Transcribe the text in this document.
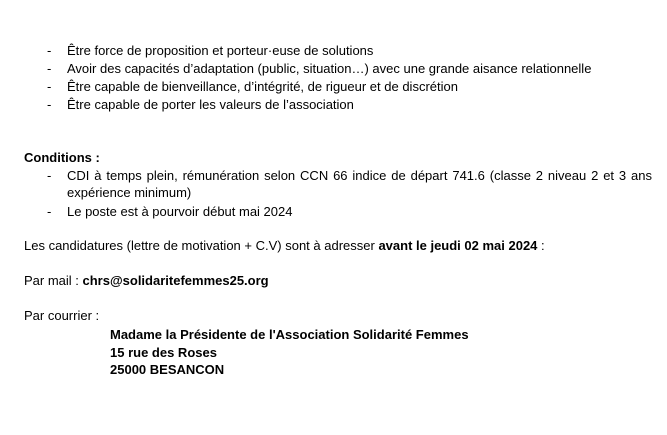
- Être force de proposition et porteur·euse de solutions
- Avoir des capacités d’adaptation (public, situation…) avec une grande aisance relationnelle
- Être capable de bienveillance, d’intégrité, de rigueur et de discrétion
- Être capable de porter les valeurs de l’association
Conditions :
- CDI à temps plein, rémunération selon CCN 66 indice de départ 741.6 (classe 2 niveau 2 et 3 ans
expérience minimum)
- Le poste est à pourvoir début mai 2024
Les candidatures (lettre de motivation + C.V) sont à adresser avant le jeudi 02 mai 2024 :
Par mail : chrs@solidaritefemmes25.org
Par courrier :
Madame la Présidente de l'Association Solidarité Femmes
15 rue des Roses
25000 BESANCON
